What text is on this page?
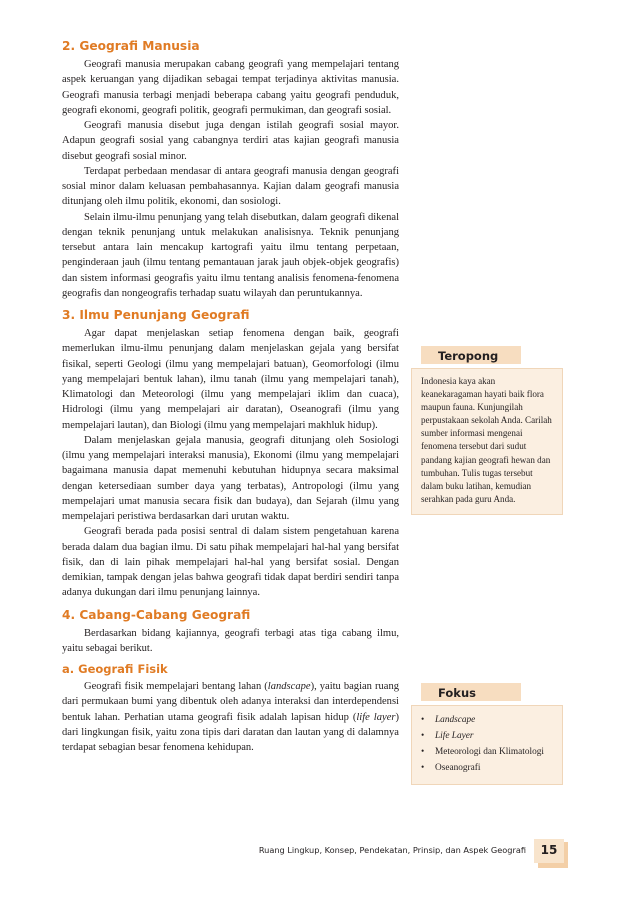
2. Geografi Manusia

Geografi manusia merupakan cabang geografi yang mempelajari tentang aspek keruangan yang dijadikan sebagai tempat terjadinya aktivitas manusia. Geografi manusia terbagi menjadi beberapa cabang yaitu geografi penduduk, geografi ekonomi, geografi politik, geografi permukiman, dan geografi sosial.

Geografi manusia disebut juga dengan istilah geografi sosial mayor. Adapun geografi sosial yang cabangnya terdiri atas kajian geografi manusia disebut geografi sosial minor.

Terdapat perbedaan mendasar di antara geografi manusia dengan geografi sosial minor dalam keluasan pembahasannya. Kajian dalam geografi manusia ditunjang oleh ilmu politik, ekonomi, dan sosiologi.

Selain ilmu-ilmu penunjang yang telah disebutkan, dalam geografi dikenal dengan teknik penunjang untuk melakukan analisisnya. Teknik penunjang tersebut antara lain mencakup kartografi yaitu ilmu tentang perpetaan, penginderaan jauh (ilmu tentang pemantauan jarak jauh objek-objek geografis) dan sistem informasi geografis yaitu ilmu tentang analisis fenomena-fenomena geografis dan nongeografis terhadap suatu wilayah dan peruntukannya.

3. Ilmu Penunjang Geografi

Agar dapat menjelaskan setiap fenomena dengan baik, geografi memerlukan ilmu-ilmu penunjang dalam menjelaskan gejala yang bersifat fisikal, seperti Geologi (ilmu yang mempelajari batuan), Geomorfologi (ilmu yang mempelajari bentuk lahan), ilmu tanah (ilmu yang mempelajari tanah), Klimatologi dan Meteorologi (ilmu yang mempelajari iklim dan cuaca), Hidrologi (ilmu yang mempelajari air daratan), Oseanografi (ilmu yang mempelajari lautan), dan Biologi (ilmu yang mempelajari makhluk hidup).

Dalam menjelaskan gejala manusia, geografi ditunjang oleh Sosiologi (ilmu yang mempelajari interaksi manusia), Ekonomi (ilmu yang mempelajari bagaimana manusia dapat memenuhi kebutuhan hidupnya secara maksimal dengan ketersediaan sumber daya yang terbatas), Antropologi (ilmu yang mempelajari umat manusia secara fisik dan budaya), dan Sejarah (ilmu yang mempelajari peristiwa berdasarkan dari urutan waktu.

Geografi berada pada posisi sentral di dalam sistem pengetahuan karena berada dalam dua bagian ilmu. Di satu pihak mempelajari hal-hal yang bersifat fisik, dan di lain pihak mempelajari hal-hal yang bersifat sosial. Dengan demikian, tampak dengan jelas bahwa geografi tidak dapat berdiri sendiri tanpa adanya dukungan dari ilmu penunjang lainnya.

4. Cabang-Cabang Geografi

Berdasarkan bidang kajiannya, geografi terbagi atas tiga cabang ilmu, yaitu sebagai berikut.

a. Geografi Fisik

Geografi fisik mempelajari bentang lahan (landscape), yaitu bagian ruang dari permukaan bumi yang dibentuk oleh adanya interaksi dan interdependensi bentuk lahan. Perhatian utama geografi fisik adalah lapisan hidup (life layer) dari lingkungan fisik, yaitu zona tipis dari daratan dan lautan yang di dalamnya terdapat sebagian besar fenomena kehidupan.

Teropong

Indonesia kaya akan keanekaragaman hayati baik flora maupun fauna. Kunjungilah perpustakaan sekolah Anda. Carilah sumber informasi mengenai fenomena tersebut dari sudut pandang kajian geografi hewan dan tumbuhan. Tulis tugas tersebut dalam buku latihan, kemudian serahkan pada guru Anda.

Fokus
• Landscape
• Life Layer
• Meteorologi dan Klimatologi
• Oseanografi
Ruang Lingkup, Konsep, Pendekatan, Prinsip, dan Aspek Geografi	15
